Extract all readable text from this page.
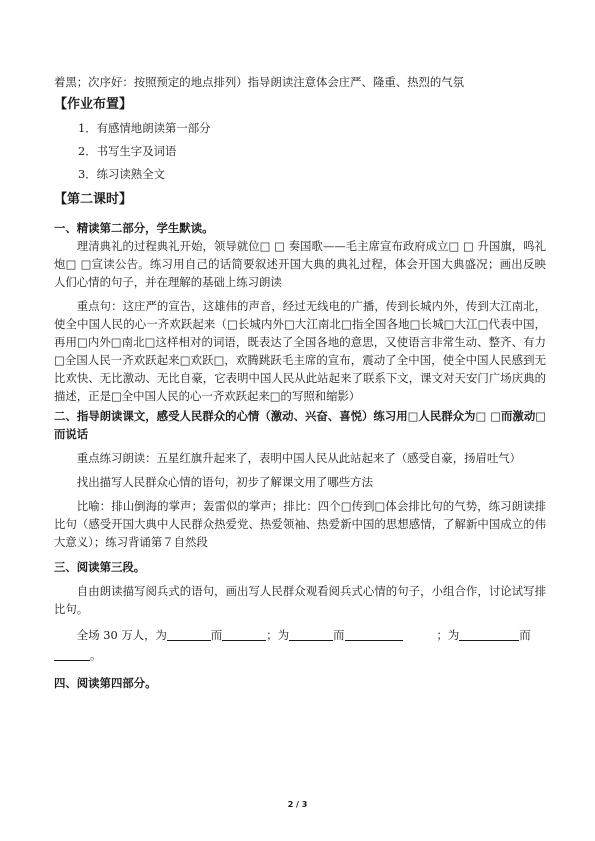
着黑；次序好：按照预定的地点排列）指导朗读注意体会庄严、隆重、热烈的气氛

【作业布置】

1．有感情地朗读第一部分

2．书写生字及词语

3．练习读熟全文

【第二课时】

一、精读第二部分，学生默读。

理清典礼的过程典礼开始，领导就位□ □ 奏国歌——毛主席宣布政府成立□ □ 升国旗，鸣礼炮□ □宣读公告。练习用自己的话简要叙述开国大典的典礼过程，体会开国大典盛况；画出反映人们心情的句子，并在理解的基础上练习朗读

重点句：这庄严的宣告，这雄伟的声音，经过无线电的广播，传到长城内外，传到大江南北，使全中国人民的心一齐欢跃起来（□长城内外□大江南北□指全国各地□长城□大江□代表中国，再用□内外□南北□这样相对的词语，既表达了全国各地的意思，又使语言非常生动、整齐、有力□全国人民一齐欢跃起来□欢跃□，欢腾跳跃毛主席的宣布，震动了全中国，使全中国人民感到无比欢快、无比激动、无比自豪，它表明中国人民从此站起来了联系下文，课文对天安门广场庆典的描述，正是□全中国人民的心一齐欢跃起来□的写照和缩影）

二、指导朗读课文，感受人民群众的心情（激动、兴奋、喜悦）练习用□人民群众为□ □而激动□而说话

重点练习朗读：五星红旗升起来了，表明中国人民从此站起来了（感受自豪，扬眉吐气）

找出描写人民群众心情的语句，初步了解课文用了哪些方法

比喻：排山倒海的掌声；轰雷似的掌声；排比：四个□传到□体会排比句的气势，练习朗读排比句（感受开国大典中人民群众热爱党、热爱领袖、热爱新中国的思想感情，了解新中国成立的伟大意义）；练习背诵第７自然段

三、阅读第三段。

自由朗读描写阅兵式的语句，画出写人民群众观看阅兵式心情的句子，小组合作，讨论试写排比句。

全场 30 万人，为	而	；为	而	；为	而

。

四、阅读第四部分。

2 / 3
